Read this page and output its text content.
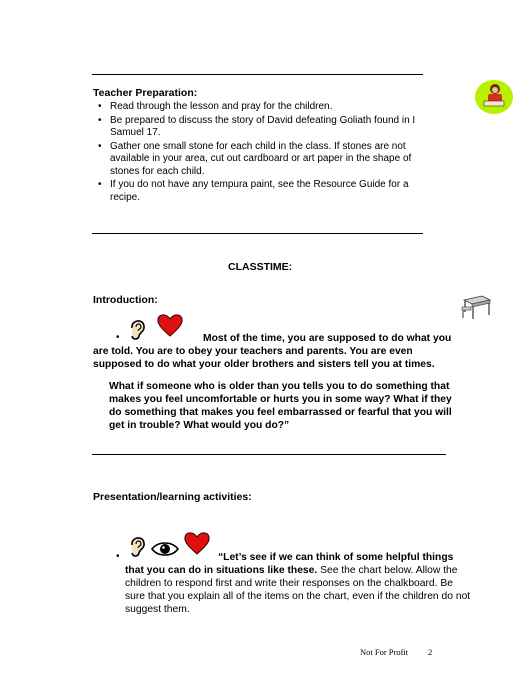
Teacher Preparation:
• Read through the lesson and pray for the children.
• Be prepared to discuss the story of David defeating Goliath found in I Samuel 17.
• Gather one small stone for each child in the class. If stones are not available in your area, cut out cardboard or art paper in the shape of stones for each child.
• If you do not have any tempura paint, see the Resource Guide for a recipe.
CLASSTIME:
Introduction:
•	Most of the time, you are supposed to do what you
are told. You are to obey your teachers and parents. You are even supposed to do what your older brothers and sisters tell you at times.
What if someone who is older than you tells you to do something that makes you feel uncomfortable or hurts you in some way? What if they do something that makes you feel embarrassed or fearful that you will get in trouble? What would you do?”
Presentation/learning activities:
•	“Let’s see if we can think of some helpful things
that you can do in situations like these. See the chart below. Allow the children to respond first and write their responses on the chalkboard. Be sure that you explain all of the items on the chart, even if the children do not suggest them.
Not For Profit 2
